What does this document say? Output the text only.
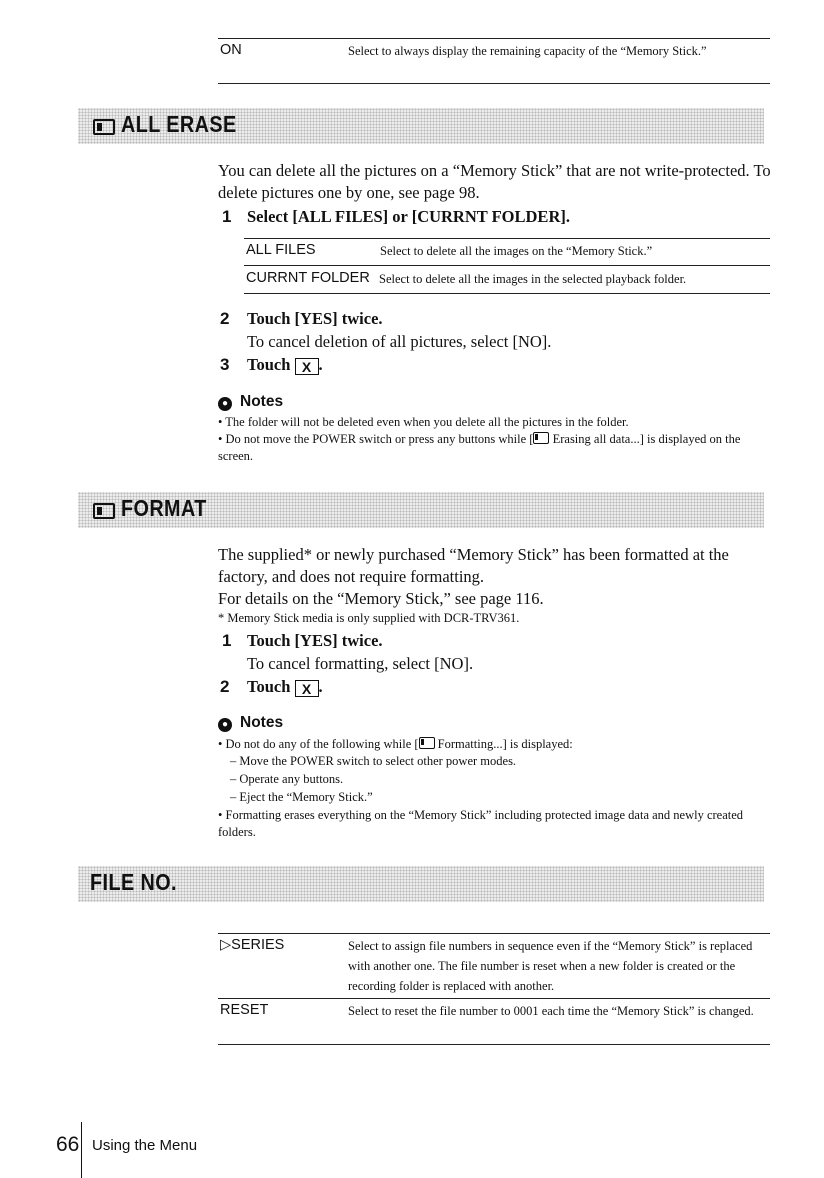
ON	Select to always display the remaining capacity of the “Memory Stick.”
ALL ERASE
You can delete all the pictures on a “Memory Stick” that are not write-protected. To delete pictures one by one, see page 98.
1 Select [ALL FILES] or [CURRNT FOLDER].
ALL FILES	Select to delete all the images on the “Memory Stick.”
CURRNT FOLDER Select to delete all the images in the selected playback folder.
2 Touch [YES] twice.
To cancel deletion of all pictures, select [NO].
3 Touch X .
● Notes
• The folder will not be deleted even when you delete all the pictures in the folder.
• Do not move the POWER switch or press any buttons while [ Erasing all data...] is displayed on the screen.
FORMAT
The supplied* or newly purchased “Memory Stick” has been formatted at the factory, and does not require formatting.
For details on the “Memory Stick,” see page 116.
* Memory Stick media is only supplied with DCR-TRV361.
1 Touch [YES] twice.
To cancel formatting, select [NO].
2 Touch X .
● Notes
• Do not do any of the following while [ Formatting...] is displayed:
– Move the POWER switch to select other power modes.
– Operate any buttons.
– Eject the “Memory Stick.”
• Formatting erases everything on the “Memory Stick” including protected image data and newly created folders.
FILE NO.
▷SERIES	Select to assign file numbers in sequence even if the “Memory Stick” is replaced with another one. The file number is reset when a new folder is created or the recording folder is replaced with another.
RESET	Select to reset the file number to 0001 each time the “Memory Stick” is changed.
66 Using the Menu
